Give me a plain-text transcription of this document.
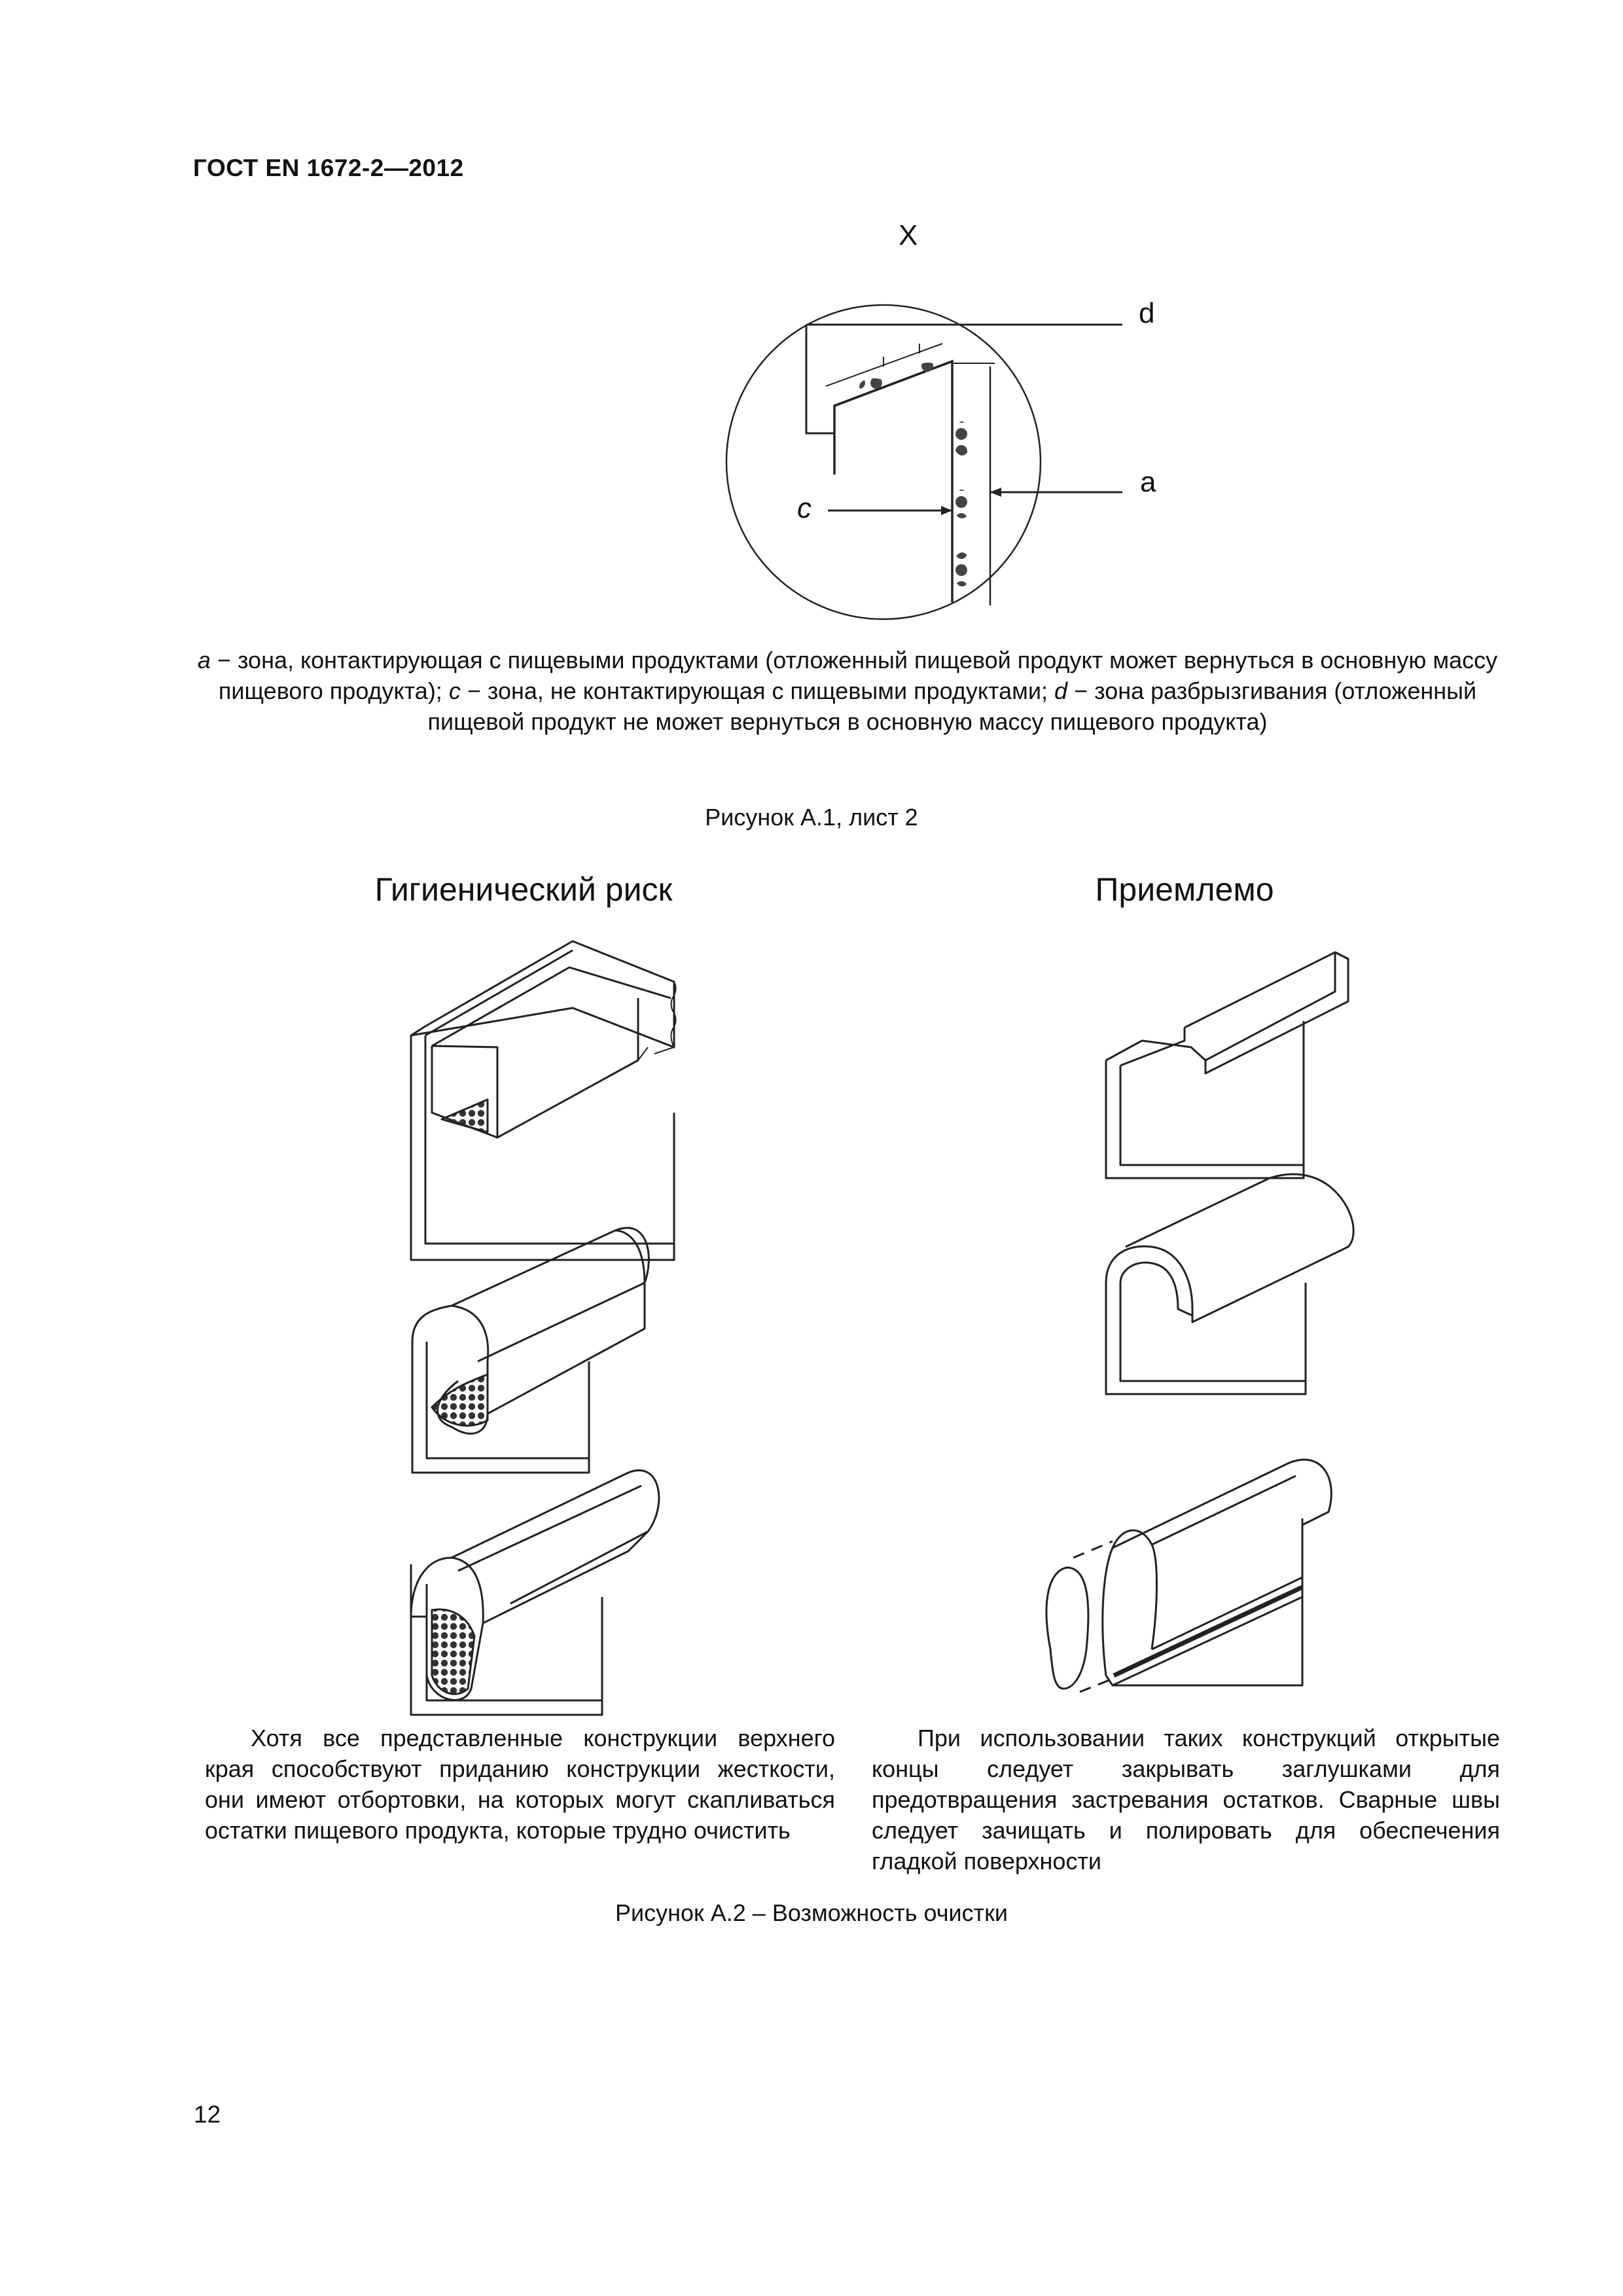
ГОСТ EN 1672-2—2012
X
d
a
c
a − зона, контактирующая с пищевыми продуктами (отложенный пищевой продукт может вернуться в основную массу пищевого продукта); c − зона, не контактирующая с пищевыми продуктами; d − зона разбрызгивания (отложенный пищевой продукт не может вернуться в основную массу пищевого продукта)
Рисунок А.1, лист 2
Гигиенический риск	Приемлемо
Хотя все представленные конструкции верхнего края способствуют приданию конструкции жесткости, они имеют отбортовки, на которых могут скапливаться остатки пищевого продукта, которые трудно очистить
При использовании таких конструкций открытые концы следует закрывать заглушками для предотвращения застревания остатков. Сварные швы следует зачищать и полировать для обеспечения гладкой поверхности
Рисунок А.2 – Возможность очистки
12
